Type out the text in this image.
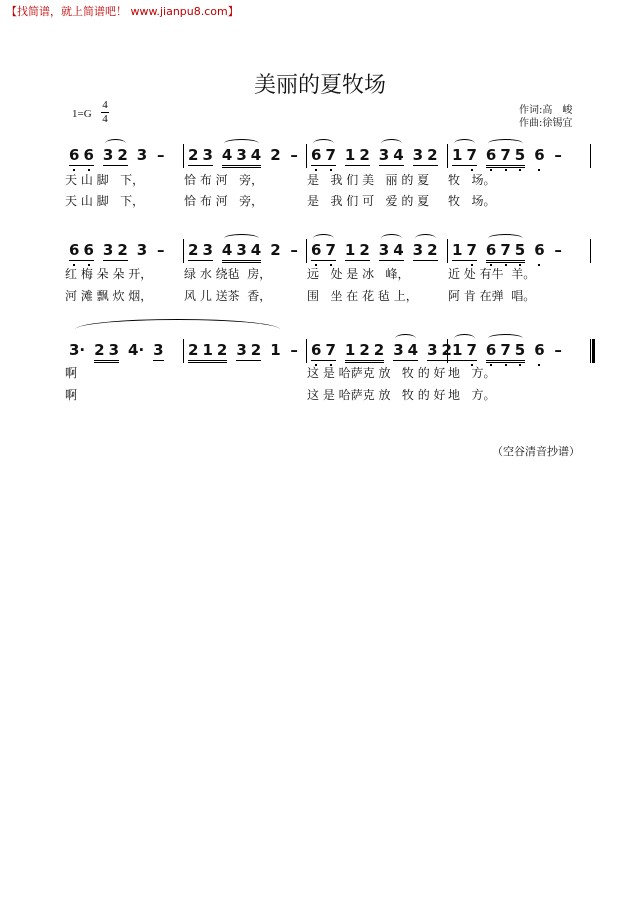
【找简谱，就上简谱吧！ www.jianpu8.com】
美丽的夏牧场
1=G
4
4
作词:高　峻
作曲:徐锡宜
6 6 3 2 3 – 2 3 4 3 4 2 – 6 7 1 2 3 4 3 2 1 7 6 7 5 6 –
天 山 脚   下，	恰 布 河   旁，	是   我 们 美   丽 的 夏	牧   场。
天 山 脚   下，	恰 布 河   旁，	是   我 们 可   爱 的 夏	牧   场。
6 6 3 2 3 – 2 3 4 3 4 2 – 6 7 1 2 3 4 3 2 1 7 6 7 5 6 –
红 梅 朵 朵 开，	绿 水 绕毡  房，	远   处 是 冰   峰，	近 处 有牛  羊。
河 滩 飘 炊 烟，	风 儿 送茶  香，	围   坐 在 花 毡 上，	阿 肯 在弹  唱。
3· 2 3 4· 3 2 1 2 3 2 1 – 6 7 1 2 2 3 4 3 2 1 7 6 7 5 6 –
啊	这 是 哈萨克 放   牧 的 好 地   方。
啊	这 是 哈萨克 放   牧 的 好 地   方。
（空谷清音抄谱）
